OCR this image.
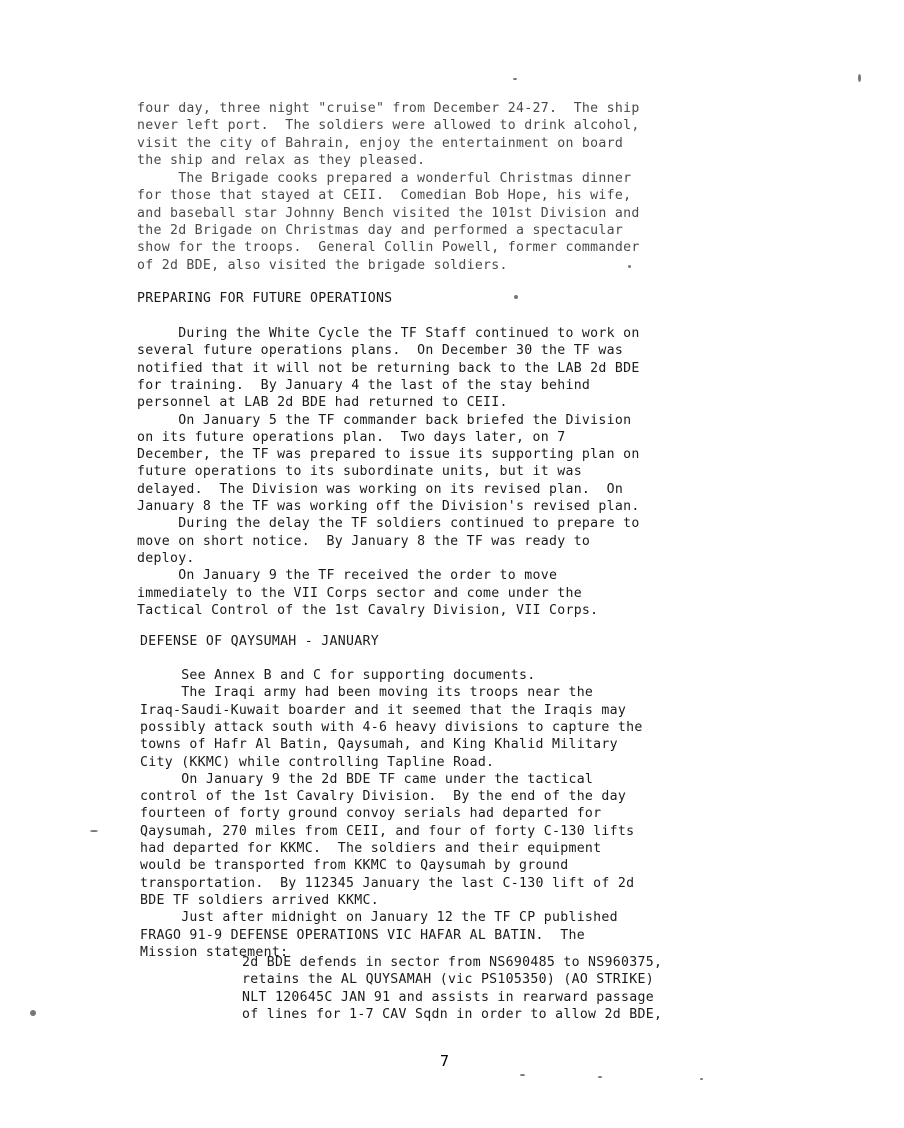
four day, three night "cruise" from December 24-27.  The ship
never left port.  The soldiers were allowed to drink alcohol,
visit the city of Bahrain, enjoy the entertainment on board
the ship and relax as they pleased.
The Brigade cooks prepared a wonderful Christmas dinner
for those that stayed at CEII.  Comedian Bob Hope, his wife,
and baseball star Johnny Bench visited the 101st Division and
the 2d Brigade on Christmas day and performed a spectacular
show for the troops.  General Collin Powell, former commander
of 2d BDE, also visited the brigade soldiers.
PREPARING FOR FUTURE OPERATIONS
During the White Cycle the TF Staff continued to work on
several future operations plans.  On December 30 the TF was
notified that it will not be returning back to the LAB 2d BDE
for training.  By January 4 the last of the stay behind
personnel at LAB 2d BDE had returned to CEII.
On January 5 the TF commander back briefed the Division
on its future operations plan.  Two days later, on 7
December, the TF was prepared to issue its supporting plan on
future operations to its subordinate units, but it was
delayed.  The Division was working on its revised plan.  On
January 8 the TF was working off the Division's revised plan.
During the delay the TF soldiers continued to prepare to
move on short notice.  By January 8 the TF was ready to
deploy.
On January 9 the TF received the order to move
immediately to the VII Corps sector and come under the
Tactical Control of the 1st Cavalry Division, VII Corps.
DEFENSE OF QAYSUMAH - JANUARY
See Annex B and C for supporting documents.
The Iraqi army had been moving its troops near the
Iraq-Saudi-Kuwait boarder and it seemed that the Iraqis may
possibly attack south with 4-6 heavy divisions to capture the
towns of Hafr Al Batin, Qaysumah, and King Khalid Military
City (KKMC) while controlling Tapline Road.
On January 9 the 2d BDE TF came under the tactical
control of the 1st Cavalry Division.  By the end of the day
fourteen of forty ground convoy serials had departed for
Qaysumah, 270 miles from CEII, and four of forty C-130 lifts
had departed for KKMC.  The soldiers and their equipment
would be transported from KKMC to Qaysumah by ground
transportation.  By 112345 January the last C-130 lift of 2d
BDE TF soldiers arrived KKMC.
Just after midnight on January 12 the TF CP published
FRAGO 91-9 DEFENSE OPERATIONS VIC HAFAR AL BATIN.  The
Mission statement:
2d BDE defends in sector from NS690485 to NS960375,
retains the AL QUYSAMAH (vic PS105350) (AO STRIKE)
NLT 120645C JAN 91 and assists in rearward passage
of lines for 1-7 CAV Sqdn in order to allow 2d BDE,
7
